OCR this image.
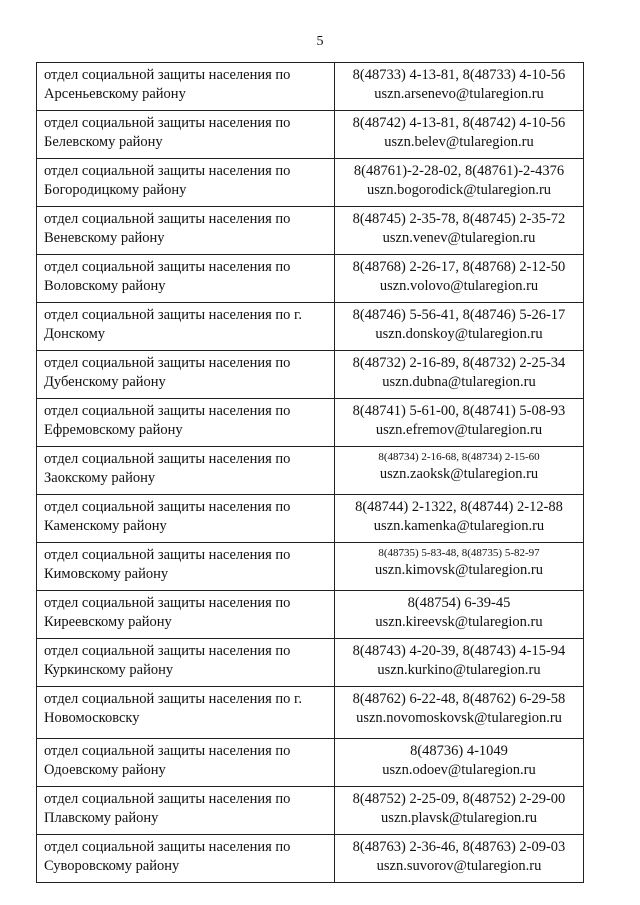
5
отдел социальной защиты населения по Арсеньевскому району	8(48733) 4-13-81, 8(48733) 4-10-56
uszn.arsenevo@tularegion.ru

отдел социальной защиты населения по Белевскому району	8(48742) 4-13-81, 8(48742) 4-10-56
uszn.belev@tularegion.ru

отдел социальной защиты населения по Богородицкому району	8(48761)-2-28-02, 8(48761)-2-4376
uszn.bogorodick@tularegion.ru

отдел социальной защиты населения по Веневскому району	8(48745) 2-35-78, 8(48745) 2-35-72
uszn.venev@tularegion.ru

отдел социальной защиты населения по Воловскому району	8(48768) 2-26-17, 8(48768) 2-12-50
uszn.volovo@tularegion.ru

отдел социальной защиты населения по г. Донскому	8(48746) 5-56-41, 8(48746) 5-26-17
uszn.donskoy@tularegion.ru

отдел социальной защиты населения по Дубенскому району	8(48732) 2-16-89, 8(48732) 2-25-34
uszn.dubna@tularegion.ru

отдел социальной защиты населения по Ефремовскому району	8(48741) 5-61-00, 8(48741) 5-08-93
uszn.efremov@tularegion.ru

отдел социальной защиты населения по Заокскому району	8(48734) 2-16-68, 8(48734) 2-15-60
uszn.zaoksk@tularegion.ru

отдел социальной защиты населения по Каменскому району	8(48744) 2-1322, 8(48744) 2-12-88
uszn.kamenka@tularegion.ru

отдел социальной защиты населения по Кимовскому району	8(48735) 5-83-48, 8(48735) 5-82-97
uszn.kimovsk@tularegion.ru

отдел социальной защиты населения по Киреевскому району	8(48754) 6-39-45
uszn.kireevsk@tularegion.ru

отдел социальной защиты населения по Куркинскому району	8(48743) 4-20-39, 8(48743) 4-15-94
uszn.kurkino@tularegion.ru

отдел социальной защиты населения по г. Новомосковску	8(48762) 6-22-48, 8(48762) 6-29-58
uszn.novomoskovsk@tularegion.ru

отдел социальной защиты населения по Одоевскому району	8(48736) 4-1049
uszn.odoev@tularegion.ru

отдел социальной защиты населения по Плавскому району	8(48752) 2-25-09, 8(48752) 2-29-00
uszn.plavsk@tularegion.ru

отдел социальной защиты населения по Суворовскому району	8(48763) 2-36-46, 8(48763) 2-09-03
uszn.suvorov@tularegion.ru
